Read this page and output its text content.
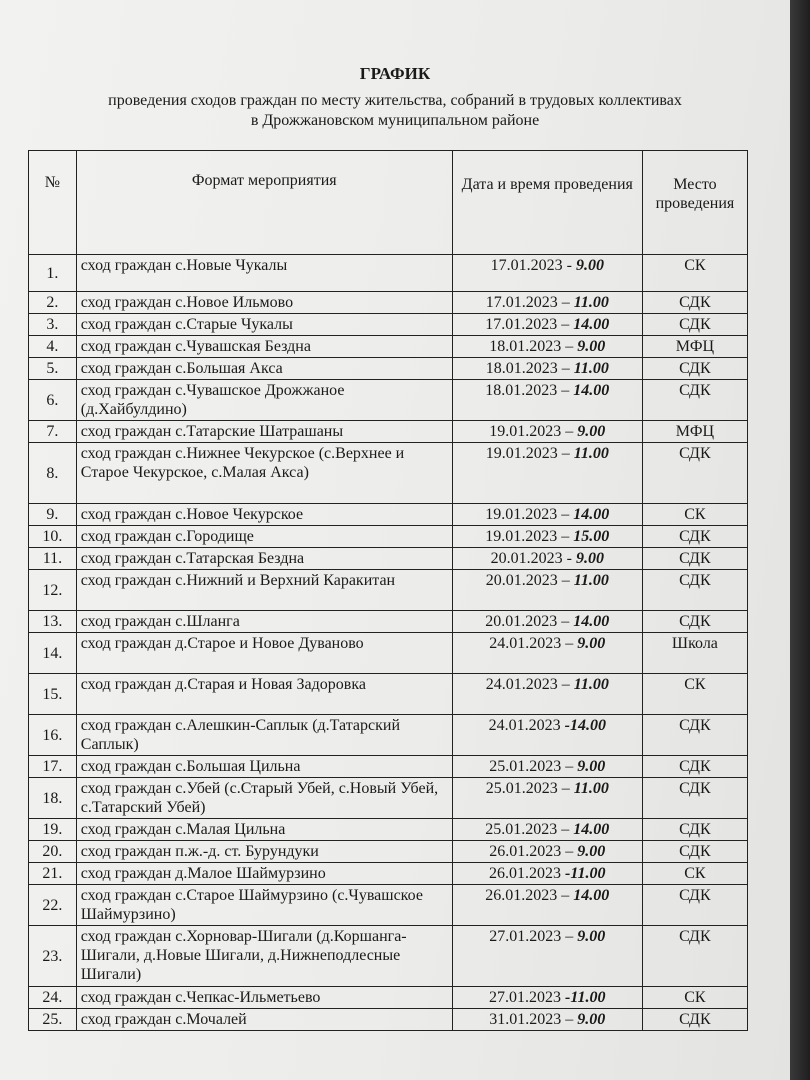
ГРАФИК
проведения сходов граждан по месту жительства, собраний в трудовых коллективах
в Дрожжановском муниципальном районе
№	Формат мероприятия	Дата и время проведения	Место проведения
1.	сход граждан с.Новые Чукалы	17.01.2023 - 9.00	СК
2.	сход граждан с.Новое Ильмово	17.01.2023 – 11.00	СДК
3.	сход граждан с.Старые Чукалы	17.01.2023 – 14.00	СДК
4.	сход граждан с.Чувашская Бездна	18.01.2023 – 9.00	МФЦ
5.	сход граждан с.Большая Акса	18.01.2023 – 11.00	СДК
6.	сход граждан с.Чувашское Дрожжаное (д.Хайбулдино)	18.01.2023 – 14.00	СДК
7.	сход граждан с.Татарские Шатрашаны	19.01.2023 – 9.00	МФЦ
8.	сход граждан с.Нижнее Чекурское (с.Верхнее и Старое Чекурское, с.Малая Акса)	19.01.2023 – 11.00	СДК
9.	сход граждан с.Новое Чекурское	19.01.2023 – 14.00	СК
10.	сход граждан с.Городище	19.01.2023 – 15.00	СДК
11.	сход граждан с.Татарская Бездна	20.01.2023 - 9.00	СДК
12.	сход граждан с.Нижний и Верхний Каракитан	20.01.2023 – 11.00	СДК
13.	сход граждан с.Шланга	20.01.2023 – 14.00	СДК
14.	сход граждан д.Старое и Новое Дуваново	24.01.2023 – 9.00	Школа
15.	сход граждан д.Старая и Новая Задоровка	24.01.2023 – 11.00	СК
16.	сход граждан с.Алешкин-Саплык (д.Татарский Саплык)	24.01.2023 -14.00	СДК
17.	сход граждан с.Большая Цильна	25.01.2023 – 9.00	СДК
18.	сход граждан с.Убей (с.Старый Убей, с.Новый Убей, с.Татарский Убей)	25.01.2023 – 11.00	СДК
19.	сход граждан с.Малая Цильна	25.01.2023 – 14.00	СДК
20.	сход граждан п.ж.-д. ст. Бурундуки	26.01.2023 – 9.00	СДК
21.	сход граждан д.Малое Шаймурзино	26.01.2023 -11.00	СК
22.	сход граждан с.Старое Шаймурзино (с.Чувашское Шаймурзино)	26.01.2023 – 14.00	СДК
23.	сход граждан с.Хорновар-Шигали (д.Коршанга-Шигали, д.Новые Шигали, д.Нижнеподлесные Шигали)	27.01.2023 – 9.00	СДК
24.	сход граждан с.Чепкас-Ильметьево	27.01.2023 -11.00	СК
25.	сход граждан с.Мочалей	31.01.2023 – 9.00	СДК
